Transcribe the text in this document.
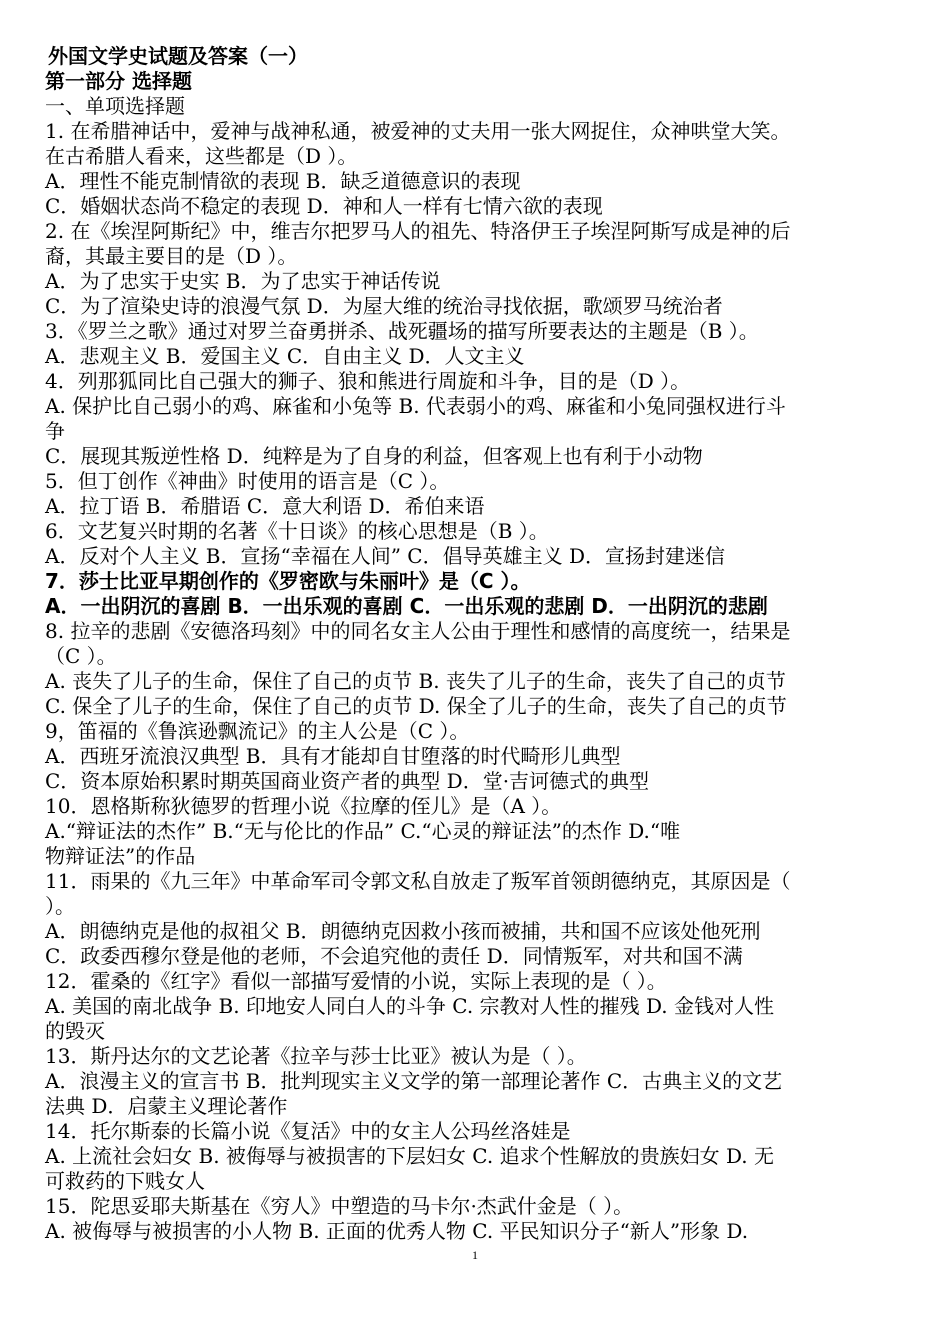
外国文学史试题及答案（一）
第一部分 选择题
一、单项选择题
1. 在希腊神话中，爱神与战神私通，被爱神的丈夫用一张大网捉住，众神哄堂大笑。
在古希腊人看来，这些都是（D ）。
A．理性不能克制情欲的表现 B．缺乏道德意识的表现
C．婚姻状态尚不稳定的表现 D．神和人一样有七情六欲的表现
2. 在《埃涅阿斯纪》中，维吉尔把罗马人的祖先、特洛伊王子埃涅阿斯写成是神的后
裔，其最主要目的是（D ）。
A．为了忠实于史实 B．为了忠实于神话传说
C．为了渲染史诗的浪漫气氛 D．为屋大维的统治寻找依据，歌颂罗马统治者
3．《罗兰之歌》通过对罗兰奋勇拼杀、战死疆场的描写所要表达的主题是（B ）。
A．悲观主义 B．爱国主义 C．自由主义 D．人文主义
4．列那狐同比自己强大的狮子、狼和熊进行周旋和斗争，目的是（D ）。
A. 保护比自己弱小的鸡、麻雀和小兔等 B. 代表弱小的鸡、麻雀和小兔同强权进行斗
争
C．展现其叛逆性格 D．纯粹是为了自身的利益，但客观上也有利于小动物
5．但丁创作《神曲》时使用的语言是（C ）。
A．拉丁语 B．希腊语 C．意大利语 D．希伯来语
6．文艺复兴时期的名著《十日谈》的核心思想是（B ）。
A．反对个人主义 B．宣扬“幸福在人间” C．倡导英雄主义 D．宣扬封建迷信
7．莎士比亚早期创作的《罗密欧与朱丽叶》是（C ）。
A．一出阴沉的喜剧 B．一出乐观的喜剧 C．一出乐观的悲剧 D．一出阴沉的悲剧
8. 拉辛的悲剧《安德洛玛刻》中的同名女主人公由于理性和感情的高度统一，结果是
（C ）。
A. 丧失了儿子的生命，保住了自己的贞节 B. 丧失了儿子的生命，丧失了自己的贞节
C. 保全了儿子的生命，保住了自己的贞节 D. 保全了儿子的生命，丧失了自己的贞节
9，笛福的《鲁滨逊飘流记》的主人公是（C ）。
A．西班牙流浪汉典型 B．具有才能却自甘堕落的时代畸形儿典型
C．资本原始积累时期英国商业资产者的典型 D．堂·吉诃德式的典型
10．恩格斯称狄德罗的哲理小说《拉摩的侄儿》是（A ）。
A.“辩证法的杰作” B.“无与伦比的作品” C.“心灵的辩证法”的杰作 D.“唯
物辩证法”的作品
11．雨果的《九三年》中革命军司令郭文私自放走了叛军首领朗德纳克，其原因是（
）。
A．朗德纳克是他的叔祖父 B．朗德纳克因救小孩而被捕，共和国不应该处他死刑
C．政委西穆尔登是他的老师，不会追究他的责任 D．同情叛军，对共和国不满
12．霍桑的《红字》看似一部描写爱情的小说，实际上表现的是（ ）。
A. 美国的南北战争 B. 印地安人同白人的斗争 C. 宗教对人性的摧残 D. 金钱对人性
的毁灭
13．斯丹达尔的文艺论著《拉辛与莎士比亚》被认为是（ ）。
A．浪漫主义的宣言书 B．批判现实主义文学的第一部理论著作 C．古典主义的文艺
法典 D．启蒙主义理论著作
14．托尔斯泰的长篇小说《复活》中的女主人公玛丝洛娃是
A. 上流社会妇女 B. 被侮辱与被损害的下层妇女 C. 追求个性解放的贵族妇女 D. 无
可救药的下贱女人
15．陀思妥耶夫斯基在《穷人》中塑造的马卡尔·杰武什金是（ ）。
A. 被侮辱与被损害的小人物 B. 正面的优秀人物 C. 平民知识分子“新人”形象 D.
1
